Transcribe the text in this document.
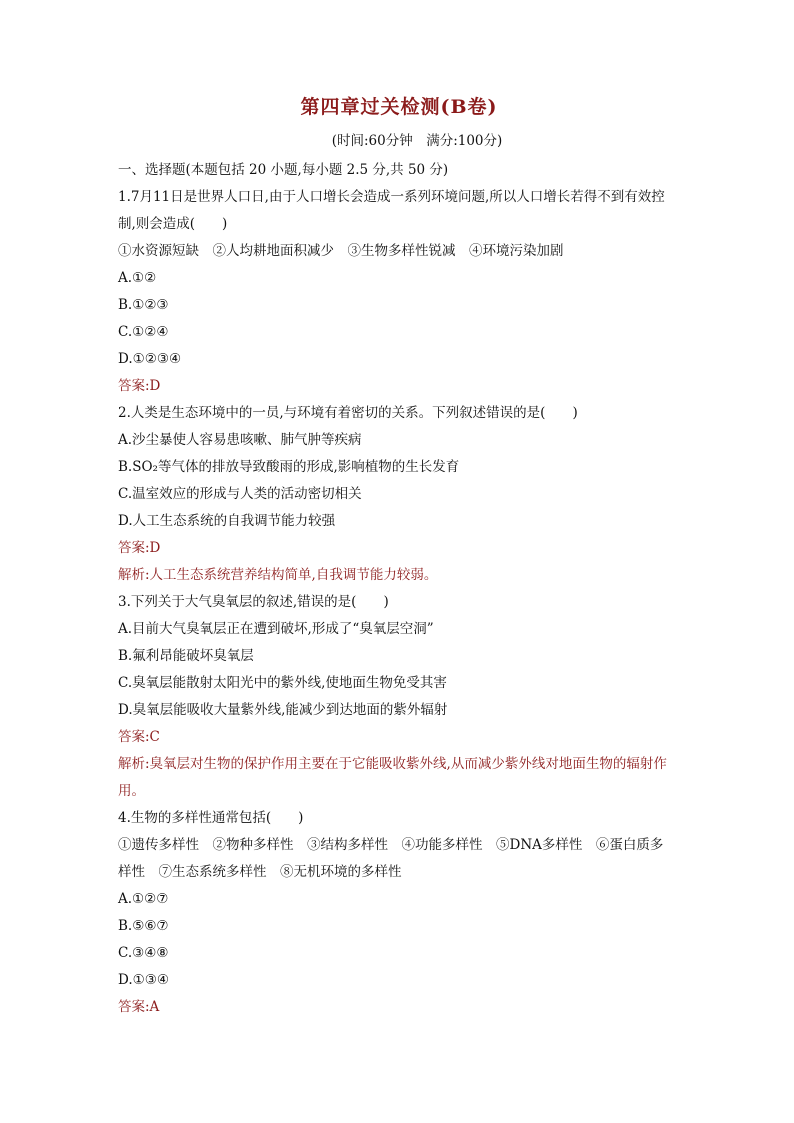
第四章过关检测(B卷)

(时间:60分钟　满分:100分)

一、选择题(本题包括 20 小题,每小题 2.5 分,共 50 分)

1.7月11日是世界人口日,由于人口增长会造成一系列环境问题,所以人口增长若得不到有效控制,则会造成(　　)

①水资源短缺　②人均耕地面积减少　③生物多样性锐减　④环境污染加剧

A.①②

B.①②③

C.①②④

D.①②③④

答案:D

2.人类是生态环境中的一员,与环境有着密切的关系。下列叙述错误的是(　　)

A.沙尘暴使人容易患咳嗽、肺气肿等疾病

B.SO₂等气体的排放导致酸雨的形成,影响植物的生长发育

C.温室效应的形成与人类的活动密切相关

D.人工生态系统的自我调节能力较强

答案:D

解析:人工生态系统营养结构简单,自我调节能力较弱。

3.下列关于大气臭氧层的叙述,错误的是(　　)

A.目前大气臭氧层正在遭到破坏,形成了“臭氧层空洞”

B.氟利昂能破坏臭氧层

C.臭氧层能散射太阳光中的紫外线,使地面生物免受其害

D.臭氧层能吸收大量紫外线,能减少到达地面的紫外辐射

答案:C

解析:臭氧层对生物的保护作用主要在于它能吸收紫外线,从而减少紫外线对地面生物的辐射作用。

4.生物的多样性通常包括(　　)

①遗传多样性　②物种多样性　③结构多样性　④功能多样性　⑤DNA多样性　⑥蛋白质多样性　⑦生态系统多样性　⑧无机环境的多样性

A.①②⑦

B.⑤⑥⑦

C.③④⑧

D.①③④

答案:A
